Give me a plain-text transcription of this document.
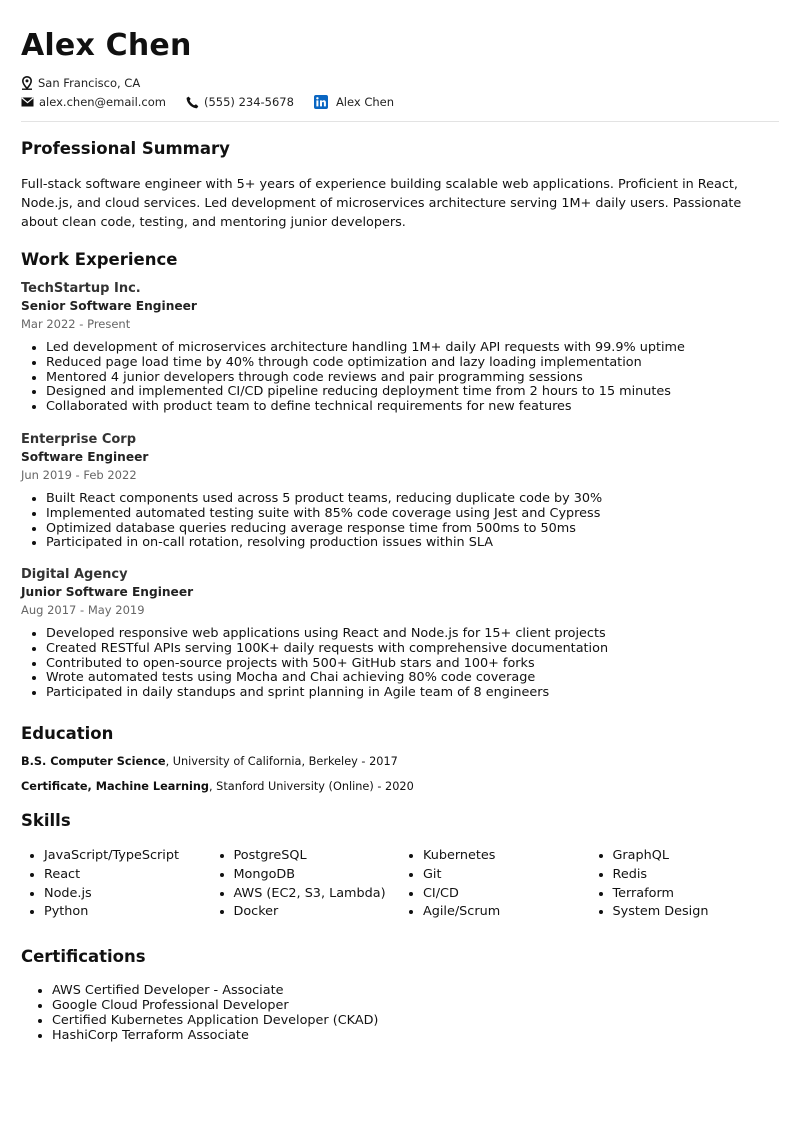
Alex Chen
San Francisco, CA
alex.chen@email.com	(555) 234-5678	Alex Chen
Professional Summary

Full-stack software engineer with 5+ years of experience building scalable web applications. Proficient in React, Node.js, and cloud services. Led development of microservices architecture serving 1M+ daily users. Passionate about clean code, testing, and mentoring junior developers.

Work Experience
TechStartup Inc.
Senior Software Engineer
Mar 2022 - Present
• Led development of microservices architecture handling 1M+ daily API requests with 99.9% uptime
• Reduced page load time by 40% through code optimization and lazy loading implementation
• Mentored 4 junior developers through code reviews and pair programming sessions
• Designed and implemented CI/CD pipeline reducing deployment time from 2 hours to 15 minutes
• Collaborated with product team to define technical requirements for new features
Enterprise Corp
Software Engineer
Jun 2019 - Feb 2022
• Built React components used across 5 product teams, reducing duplicate code by 30%
• Implemented automated testing suite with 85% code coverage using Jest and Cypress
• Optimized database queries reducing average response time from 500ms to 50ms
• Participated in on-call rotation, resolving production issues within SLA
Digital Agency
Junior Software Engineer
Aug 2017 - May 2019
• Developed responsive web applications using React and Node.js for 15+ client projects
• Created RESTful APIs serving 100K+ daily requests with comprehensive documentation
• Contributed to open-source projects with 500+ GitHub stars and 100+ forks
• Wrote automated tests using Mocha and Chai achieving 80% code coverage
• Participated in daily standups and sprint planning in Agile team of 8 engineers
Education
B.S. Computer Science, University of California, Berkeley - 2017
Certificate, Machine Learning, Stanford University (Online) - 2020
Skills
• JavaScript/TypeScript
• React
• Node.js
• Python
• PostgreSQL
• MongoDB
• AWS (EC2, S3, Lambda)
• Docker
• Kubernetes
• Git
• CI/CD
• Agile/Scrum
• GraphQL
• Redis
• Terraform
• System Design
Certifications
• AWS Certified Developer - Associate
• Google Cloud Professional Developer
• Certified Kubernetes Application Developer (CKAD)
• HashiCorp Terraform Associate
